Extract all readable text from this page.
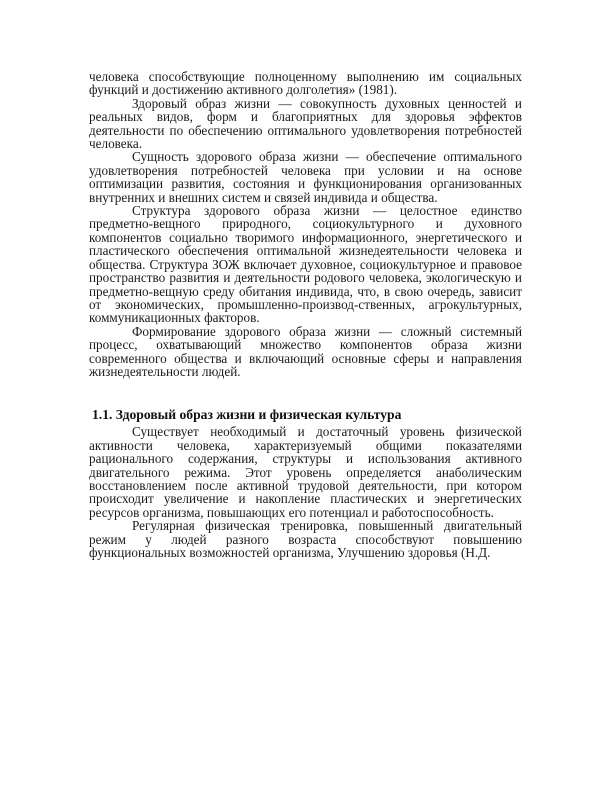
человека способствующие полноценному выполнению им социальных функций и достижению активного долголетия» (1981).

Здоровый образ жизни — совокупность духовных ценностей и реальных видов, форм и благоприятных для здоровья эффектов деятельности по обеспечению оптимального удовлетворения потребностей человека.

Сущность здорового образа жизни — обеспечение оптимального удовлетворения потребностей человека при условии и на основе оптимизации развития, состояния и функционирования организованных внутренних и внешних систем и связей индивида и общества.

Структура здорового образа жизни — целостное единство предметно-вещного природного, социокультурного и духовного компонентов социально творимого информационного, энергетического и пластического обеспечения оптимальной жизнедеятельности человека и общества. Структура ЗОЖ включает духовное, социокультурное и правовое пространство развития и деятельности родового человека, экологическую и предметно-вещную среду обитания индивида, что, в свою очередь, зависит от экономических, промышленно-производ-ственных, агрокультурных, коммуникационных факторов.

Формирование здорового образа жизни — сложный системный процесс, охватывающий множество компонентов образа жизни современного общества и включающий основные сферы и направления жизнедеятельности людей.

1.1. Здоровый образ жизни и физическая культура

Существует необходимый и достаточный уровень физической активности человека, характеризуемый общими показателями рационального содержания, структуры и использования активного двигательного режима. Этот уровень определяется анаболическим восстановлением после активной трудовой деятельности, при котором происходит увеличение и накопление пластических и энергетических ресурсов организма, повышающих его потенциал и работоспособность.

Регулярная физическая тренировка, повышенный двигательный режим у людей разного возраста способствуют повышению функциональных возможностей организма, Улучшению здоровья (Н.Д.
